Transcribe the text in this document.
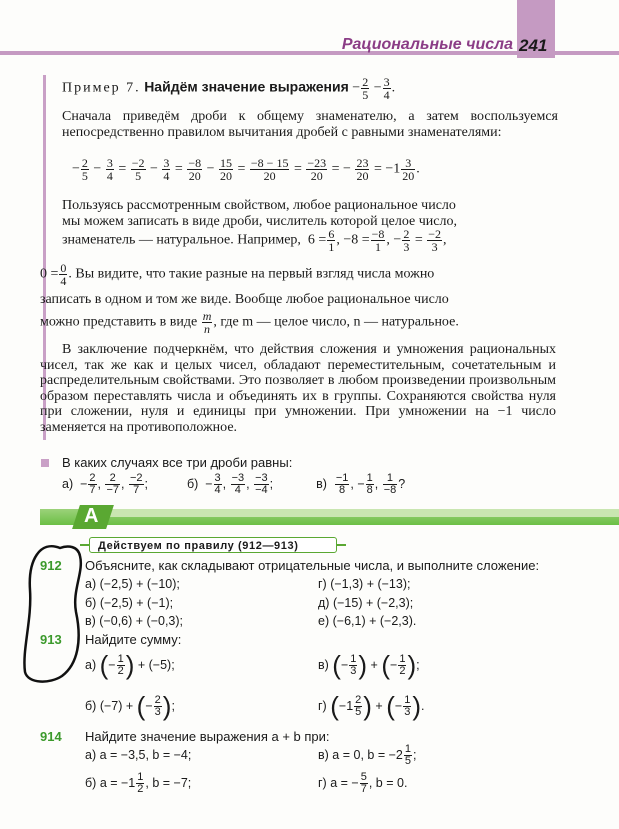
Рациональные числа 241
Пример 7. Найдём значение выражения − $\frac{2}{5} - \frac{3}{4}$ .
Сначала приведём дроби к общему знаменателю, а затем воспользуемся непосредственно правилом вычитания дробей с равными знаменателями:
− $\frac{2}{5} - \frac{3}{4} = \frac{-2}{5} - \frac{3}{4} = \frac{-8}{20} - \frac{15}{20} = \frac{-8 - 15}{20} = \frac{-23}{20}$ = − $\frac{23}{20} = -1 \frac{3}{20}$ .
Пользуясь рассмотренным свойством, любое рациональное число
мы можем записать в виде дроби, числитель которой целое число,
знаменатель — натуральное. Например, $6 = \frac{6}{1}$ , $-8 = \frac{-8}{1}$ , − $\frac{2}{3} = \frac{-2}{3}$ ,
$0 = \frac{0}{4}$ . Вы видите, что такие разные на первый взгляд числа можно
записать в одном и том же виде. Вообще любое рациональное число
можно представить в виде $\frac{m}{n}$ , где m — целое число, n — натуральное.
В заключение подчеркнём, что действия сложения и умножения рациональных чисел, так же как и целых чисел, обладают переместительным, сочетательным и распределительным свойствами. Это позволяет в любом произведении произвольным образом переставлять числа и объединять их в группы. Сохраняются свойства нуля при сложении, нуля и единицы при умножении. При умножении на −1 число заменяется на противоположное.
В каких случаях все три дроби равны:
$а) - \frac{2}{7}$ , $\frac{2}{-7}$ , $\frac{-2}{7}$ ;	$б) - \frac{3}{4}$ , $\frac{-3}{4}$ , $\frac{-3}{-4}$ ;	$в) \frac{-1}{8}$ , − $\frac{1}{8}$ , $\frac{1}{-8}$ ?
А
Действуем по правилу (912—913)
912 Объясните, как складывают отрицательные числа, и выполните сложение:
а) (−2,5) + (−10);	г) (−1,3) + (−13);
б) (−2,5) + (−1);	д) (−15) + (−2,3);
в) (−0,6) + (−0,3);	е) (−6,1) + (−2,3).
913 Найдите сумму:
а) (− $\frac{1}{2}$ ) + (−5);	в) (− $\frac{1}{3}$ ) + (− $\frac{1}{2}$ );
б) (−7) + (− $\frac{2}{3}$ );	г) ($-1 \frac{2}{5}$ ) + (− $\frac{1}{3}$ ).
914 Найдите значение выражения a + b при:
а) a = −3,5, b = −4;	в) a = 0, $b = -2 \frac{1}{5}$ ;
б) $a = -1 \frac{1}{2}$ , b = −7;	г) a = − $\frac{5}{7}$ , b = 0.
